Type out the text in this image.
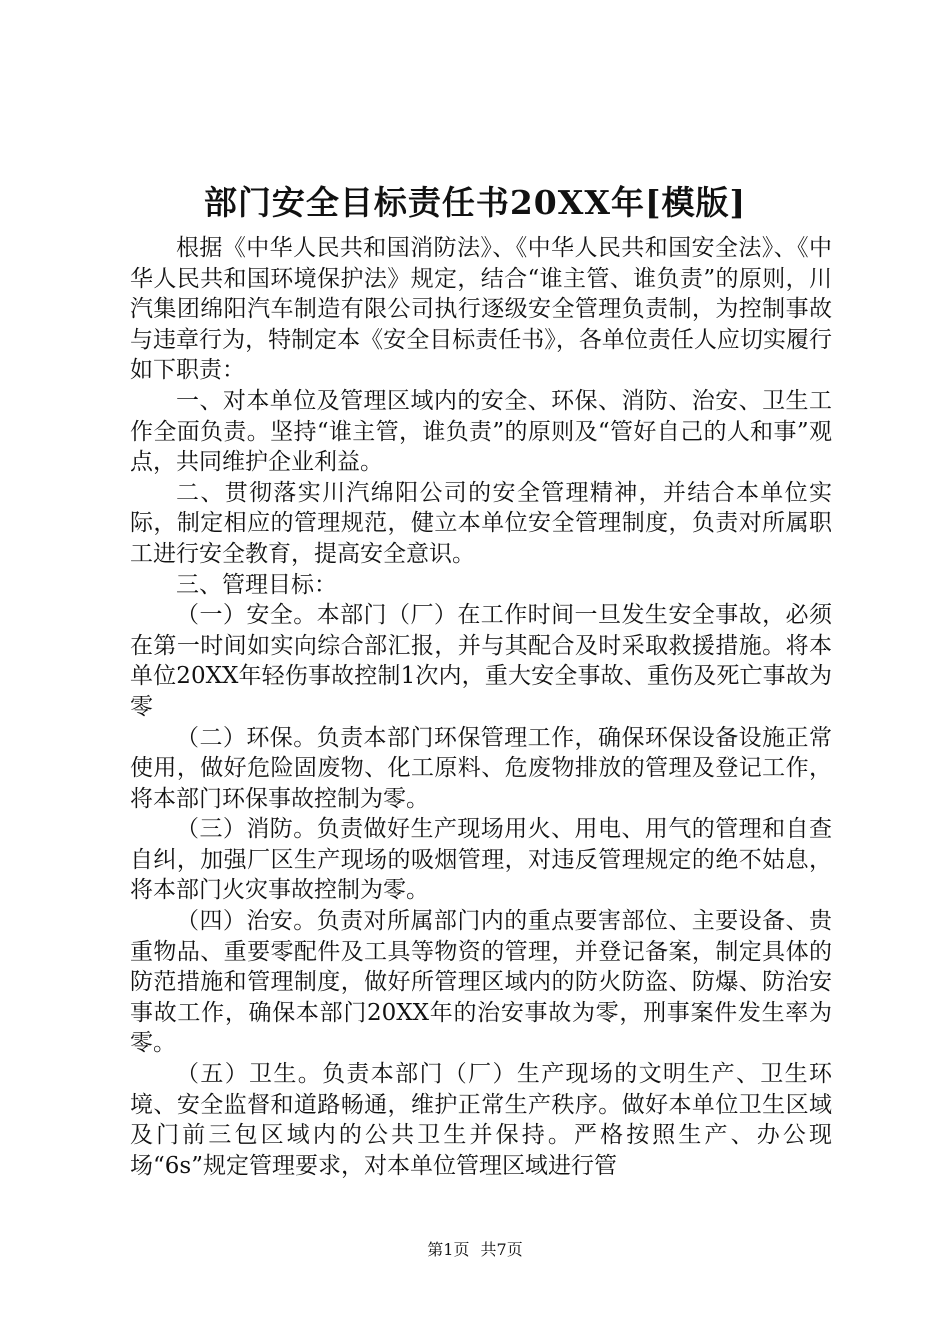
部门安全目标责任书20XX年[模版]

根据《中华人民共和国消防法》、《中华人民共和国安全法》、《中华人民共和国环境保护法》规定，结合“谁主管、谁负责”的原则，川汽集团绵阳汽车制造有限公司执行逐级安全管理负责制，为控制事故与违章行为，特制定本《安全目标责任书》，各单位责任人应切实履行如下职责：

一、对本单位及管理区域内的安全、环保、消防、治安、卫生工作全面负责。坚持“谁主管，谁负责”的原则及“管好自己的人和事”观点，共同维护企业利益。

二、贯彻落实川汽绵阳公司的安全管理精神，并结合本单位实际，制定相应的管理规范，健立本单位安全管理制度，负责对所属职工进行安全教育，提高安全意识。

三、管理目标：

（一）安全。本部门（厂）在工作时间一旦发生安全事故，必须在第一时间如实向综合部汇报，并与其配合及时采取救援措施。将本单位20XX年轻伤事故控制1次内，重大安全事故、重伤及死亡事故为零

（二）环保。负责本部门环保管理工作，确保环保设备设施正常使用，做好危险固废物、化工原料、危废物排放的管理及登记工作，将本部门环保事故控制为零。

（三）消防。负责做好生产现场用火、用电、用气的管理和自查自纠，加强厂区生产现场的吸烟管理，对违反管理规定的绝不姑息，将本部门火灾事故控制为零。

（四）治安。负责对所属部门内的重点要害部位、主要设备、贵重物品、重要零配件及工具等物资的管理，并登记备案，制定具体的防范措施和管理制度，做好所管理区域内的防火防盗、防爆、防治安事故工作，确保本部门20XX年的治安事故为零，刑事案件发生率为零。

（五）卫生。负责本部门（厂）生产现场的文明生产、卫生环境、安全监督和道路畅通，维护正常生产秩序。做好本单位卫生区域及门前三包区域内的公共卫生并保持。严格按照生产、办公现场“6s”规定管理要求，对本单位管理区域进行管

第1页 共7页
